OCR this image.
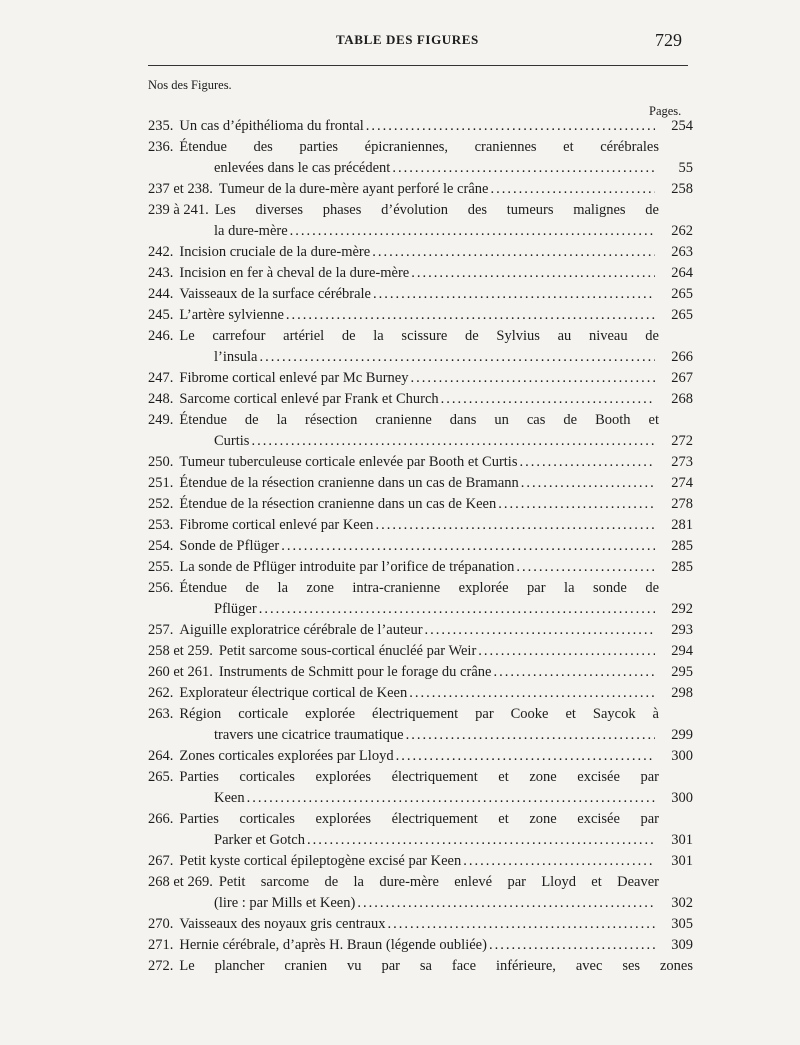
TABLE DES FIGURES	729
Nos des Figures.
Pages.
235. Un cas d’épithélioma du frontal .....	254
236. Étendue des parties épicraniennes, craniennes et cérébrales
enlevées dans le cas précédent .....	55
237 et 238. Tumeur de la dure-mère ayant perforé le crâne .....	258
239 à 241. Les diverses phases d’évolution des tumeurs malignes de
la dure-mère .....	262
242. Incision cruciale de la dure-mère .....	263
243. Incision en fer à cheval de la dure-mère .....	264
244. Vaisseaux de la surface cérébrale .....	265
245. L’artère sylvienne .....	265
246. Le carrefour artériel de la scissure de Sylvius au niveau de
l’insula .....	266
247. Fibrome cortical enlevé par Mc Burney .....	267
248. Sarcome cortical enlevé par Frank et Church .....	268
249. Étendue de la résection cranienne dans un cas de Booth et
Curtis .....	272
250. Tumeur tuberculeuse corticale enlevée par Booth et Curtis .....	273
251. Étendue de la résection cranienne dans un cas de Bramann .....	274
252. Étendue de la résection cranienne dans un cas de Keen .....	278
253. Fibrome cortical enlevé par Keen .....	281
254. Sonde de Pflüger .....	285
255. La sonde de Pflüger introduite par l’orifice de trépanation .....	285
256. Étendue de la zone intra-cranienne explorée par la sonde de
Pflüger .....	292
257. Aiguille exploratrice cérébrale de l’auteur .....	293
258 et 259. Petit sarcome sous-cortical énucléé par Weir .....	294
260 et 261. Instruments de Schmitt pour le forage du crâne .....	295
262. Explorateur électrique cortical de Keen .....	298
263. Région corticale explorée électriquement par Cooke et Saycok à
travers une cicatrice traumatique .....	299
264. Zones corticales explorées par Lloyd .....	300
265. Parties corticales explorées électriquement et zone excisée par
Keen .....	300
266. Parties corticales explorées électriquement et zone excisée par
Parker et Gotch .....	301
267. Petit kyste cortical épileptogène excisé par Keen .....	301
268 et 269. Petit sarcome de la dure-mère enlevé par Lloyd et Deaver
(lire : par Mills et Keen) .....	302
270. Vaisseaux des noyaux gris centraux .....	305
271. Hernie cérébrale, d’après H. Braun (légende oubliée) .....	309
272. Le plancher cranien vu par sa face inférieure, avec ses zones
